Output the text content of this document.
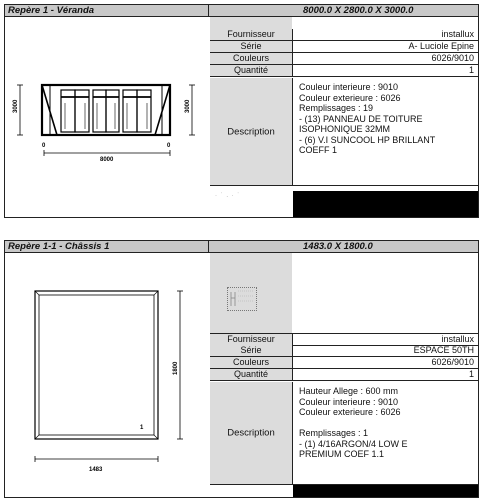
Repère 1 - Véranda	8000.0 X 2800.0 X 3000.0
3000	3000
0	0
8000
Fournisseur	installux
Série	A- Luciole Epine
Couleurs	6026/9010
Quantité	1
Description
Couleur interieure : 9010
Couleur exterieure : 6026
Remplissages : 19
- (13) PANNEAU DE TOITURE
ISOPHONIQUE 32MM
- (6) V.I SUNCOOL HP BRILLANT
COEFF 1
· ˙ . · ˙
Repère 1-1 - Châssis 1	1483.0 X 1800.0
1
1800
1483
Fournisseur	installux
Série	ESPACE 50TH
Couleurs	6026/9010
Quantité	1
Description
Hauteur Allege : 600 mm
Couleur interieure : 9010
Couleur exterieure : 6026
Remplissages : 1
- (1) 4/16ARGON/4 LOW E
PREMIUM COEF 1.1
